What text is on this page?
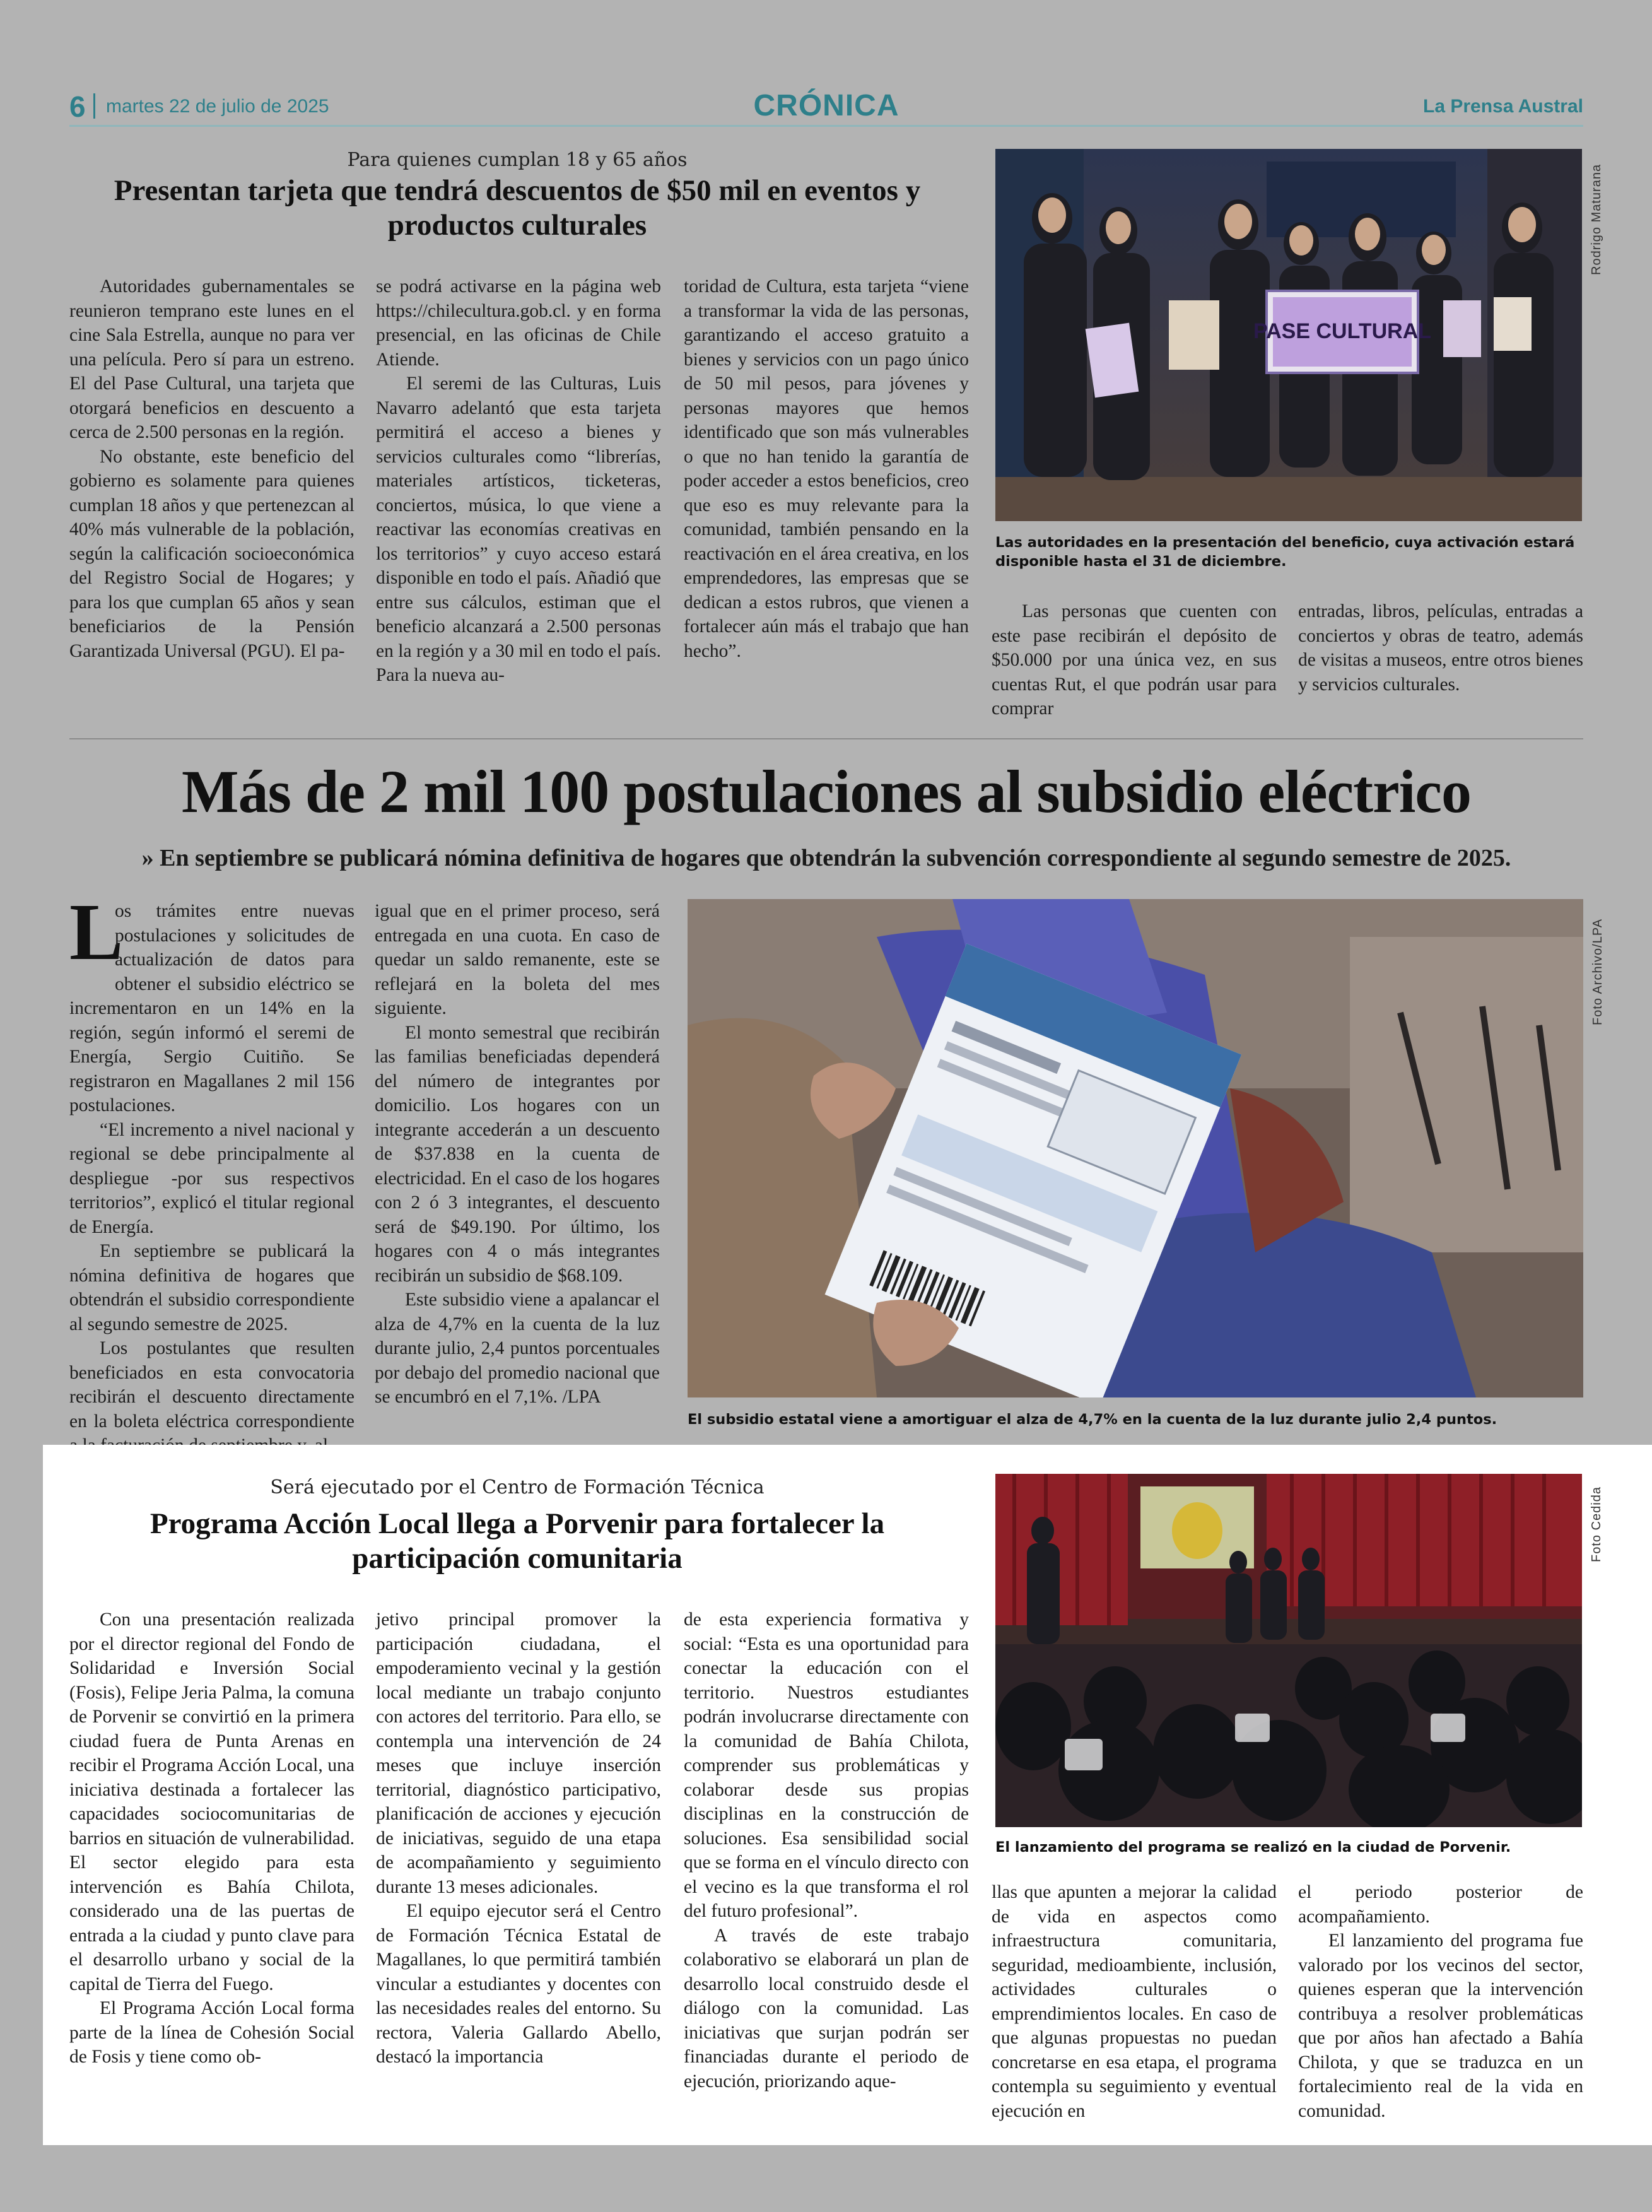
6 martes 22 de julio de 2025	CRÓNICA	La Prensa Austral
Para quienes cumplan 18 y 65 años
Presentan tarjeta que tendrá descuentos de $50 mil en eventos y productos culturales

Autoridades gubernamentales se reunieron temprano este lunes en el cine Sala Estrella, aunque no para ver una película. Pero sí para un estreno. El del Pase Cultural, una tarjeta que otorgará beneficios en descuento a cerca de 2.500 personas en la región.

No obstante, este beneficio del gobierno es solamente para quienes cumplan 18 años y que pertenezcan al 40% más vulnerable de la población, según la calificación socioeconómica del Registro Social de Hogares; y para los que cumplan 65 años y sean beneficiarios de la Pensión Garantizada Universal (PGU). El pa-

se podrá activarse en la página web https://chilecultura.gob.cl. y en forma presencial, en las oficinas de Chile Atiende.

El seremi de las Culturas, Luis Navarro adelantó que esta tarjeta permitirá el acceso a bienes y servicios culturales como “librerías, materiales artísticos, ticketeras, conciertos, música, lo que viene a reactivar las economías creativas en los territorios” y cuyo acceso estará disponible en todo el país. Añadió que entre sus cálculos, estiman que el beneficio alcanzará a 2.500 personas en la región y a 30 mil en todo el país. Para la nueva au-

toridad de Cultura, esta tarjeta “viene a transformar la vida de las personas, garantizando el acceso gratuito a bienes y servicios con un pago único de 50 mil pesos, para jóvenes y personas mayores que hemos identificado que son más vulnerables o que no han tenido la garantía de poder acceder a estos beneficios, creo que eso es muy relevante para la comunidad, también pensando en la reactivación en el área creativa, en los emprendedores, las empresas que se dedican a estos rubros, que vienen a fortalecer aún más el trabajo que han hecho”.

PASE CULTURAL
Rodrigo Maturana
Las autoridades en la presentación del beneficio, cuya activación estará disponible hasta el 31 de diciembre.

Las personas que cuenten con este pase recibirán el depósito de $50.000 por una única vez, en sus cuentas Rut, el que podrán usar para comprar

entradas, libros, películas, entradas a conciertos y obras de teatro, además de visitas a museos, entre otros bienes y servicios culturales.

Más de 2 mil 100 postulaciones al subsidio eléctrico
» En septiembre se publicará nómina definitiva de hogares que obtendrán la subvención correspondiente al segundo semestre de 2025.
L

os trámites entre nuevas postulaciones y solicitudes de actualización de datos para obtener el subsidio eléctrico se incrementaron en un 14% en la región, según informó el seremi de Energía, Sergio Cuitiño. Se registraron en Magallanes 2 mil 156 postulaciones.

“El incremento a nivel nacional y regional se debe principalmente al despliegue -por sus respectivos territorios”, explicó el titular regional de Energía.

En septiembre se publicará la nómina definitiva de hogares que obtendrán el subsidio correspondiente al segundo semestre de 2025.

Los postulantes que resulten beneficiados en esta convocatoria recibirán el descuento directamente en la boleta eléctrica correspondiente

igual que en el primer proceso, será entregada en una cuota. En caso de quedar un saldo remanente, este se reflejará en la boleta del mes siguiente.

El monto semestral que recibirán las familias beneficiadas dependerá del número de integrantes por domicilio. Los hogares con un integrante accederán a un descuento de $37.838 en la cuenta de electricidad. En el caso de los hogares con 2 ó 3 integrantes, el descuento será de $49.190. Por último, los hogares con 4 o más integrantes recibirán un subsidio de $68.109.

Este subsidio viene a apalancar el alza de 4,7% en la cuenta de la luz durante julio, 2,4 puntos porcentuales por debajo del promedio nacional que se encumbró en el 7,1%. /LPA

Foto Archivo/LPA
El subsidio estatal viene a amortiguar el alza de 4,7% en la cuenta de la luz durante julio 2,4 puntos.
Será ejecutado por el Centro de Formación Técnica
Programa Acción Local llega a Porvenir para fortalecer la participación comunitaria

Con una presentación realizada por el director regional del Fondo de Solidaridad e Inversión Social (Fosis), Felipe Jeria Palma, la comuna de Porvenir se convirtió en la primera ciudad fuera de Punta Arenas en recibir el Programa Acción Local, una iniciativa destinada a fortalecer las capacidades sociocomunitarias de barrios en situación de vulnerabilidad. El sector elegido para esta intervención es Bahía Chilota, considerado una de las puertas de entrada a la ciudad y punto clave para el desarrollo urbano y social de la capital de Tierra del Fuego.

El Programa Acción Local forma parte de la línea de Cohesión Social de Fosis y tiene como ob-

jetivo principal promover la participación ciudadana, el empoderamiento vecinal y la gestión local mediante un trabajo conjunto con actores del territorio. Para ello, se contempla una intervención de 24 meses que incluye inserción territorial, diagnóstico participativo, planificación de acciones y ejecución de iniciativas, seguido de una etapa de acompañamiento y seguimiento durante 13 meses adicionales.

El equipo ejecutor será el Centro de Formación Técnica Estatal de Magallanes, lo que permitirá también vincular a estudiantes y docentes con las necesidades reales del entorno. Su rectora, Valeria Gallardo Abello, destacó la importancia

de esta experiencia formativa y social: “Esta es una oportunidad para conectar la educación con el territorio. Nuestros estudiantes podrán involucrarse directamente con la comunidad de Bahía Chilota, comprender sus problemáticas y colaborar desde sus propias disciplinas en la construcción de soluciones. Esa sensibilidad social que se forma en el vínculo directo con el vecino es la que transforma el rol del futuro profesional”.

A través de este trabajo colaborativo se elaborará un plan de desarrollo local construido desde el diálogo con la comunidad. Las iniciativas que surjan podrán ser financiadas durante el periodo de ejecución, priorizando aque-

Foto Cedida
El lanzamiento del programa se realizó en la ciudad de Porvenir.

llas que apunten a mejorar la calidad de vida en aspectos como infraestructura comunitaria, seguridad, medioambiente, inclusión, actividades culturales o emprendimientos locales. En caso de que algunas propuestas no puedan concretarse en esa etapa, el programa contempla su seguimiento y eventual ejecución en

el periodo posterior de acompañamiento.

El lanzamiento del programa fue valorado por los vecinos del sector, quienes esperan que la intervención contribuya a resolver problemáticas que por años han afectado a Bahía Chilota, y que se traduzca en un fortalecimiento real de la vida en comunidad.
